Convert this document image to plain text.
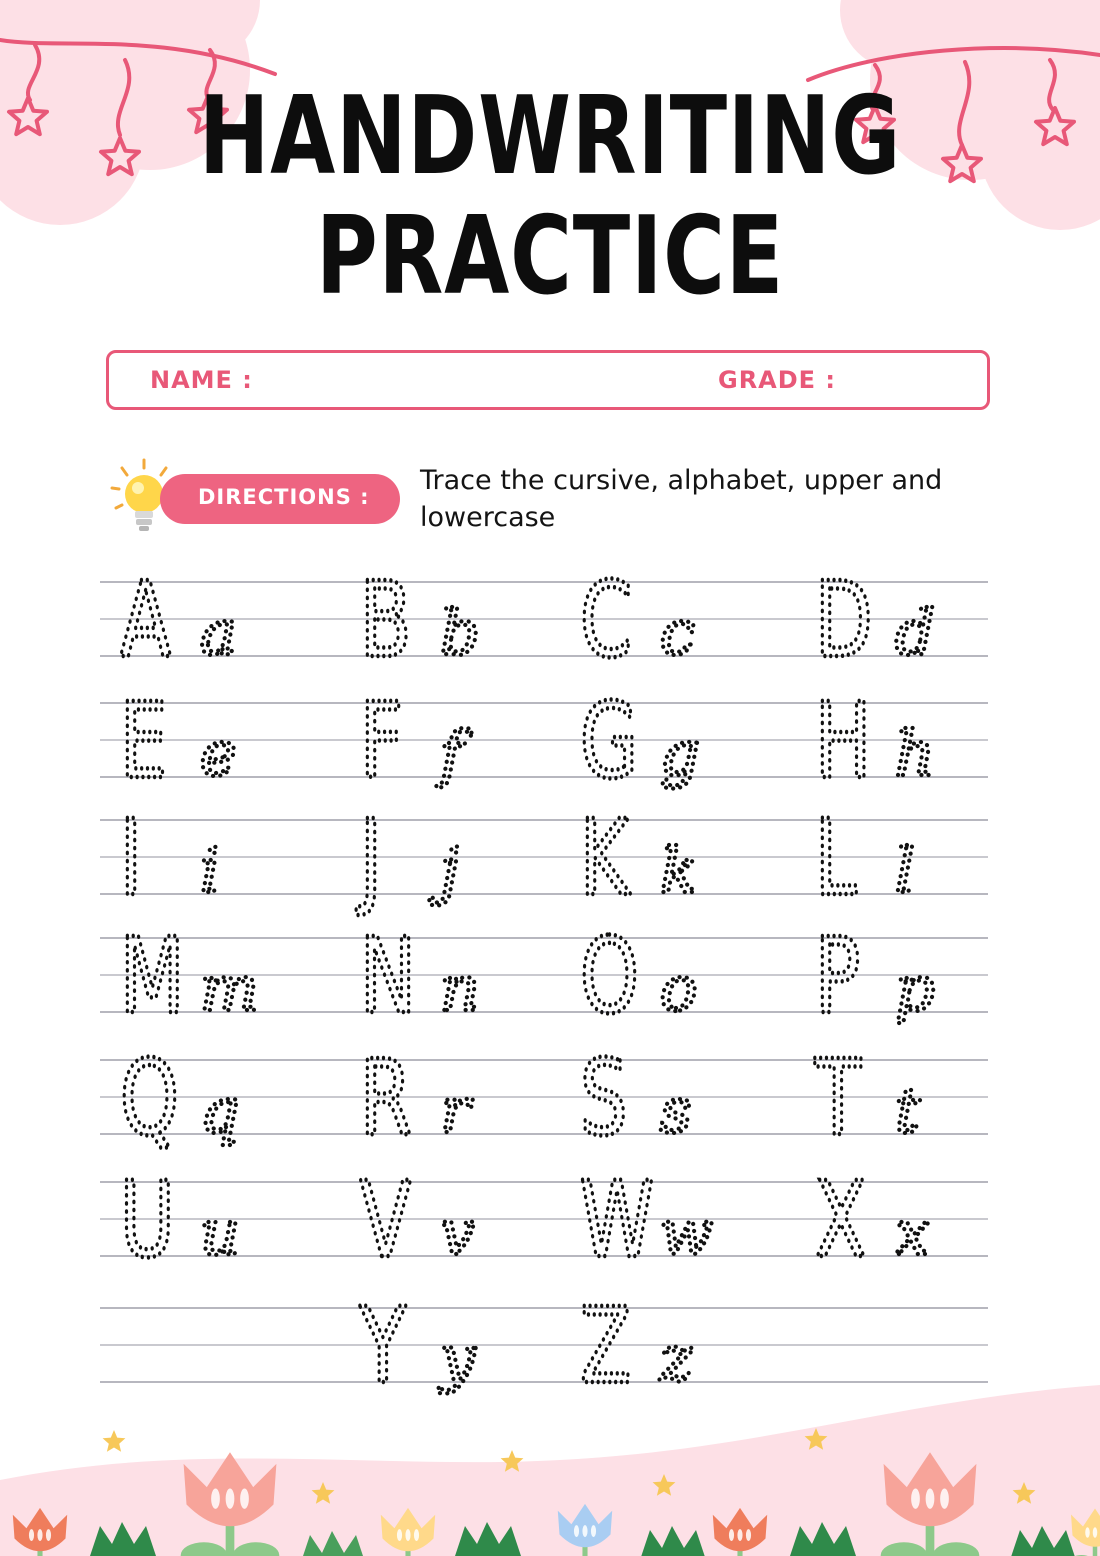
HANDWRITING
PRACTICE
NAME :	GRADE :
DIRECTIONS :
Trace the cursive, alphabet, upper and lowercase
A a B b C c D d
E e F f G g H h
I i J j K k L l
M m N n O o P p
Q q R r S s T t
U u V v W w X x
Y y Z z
